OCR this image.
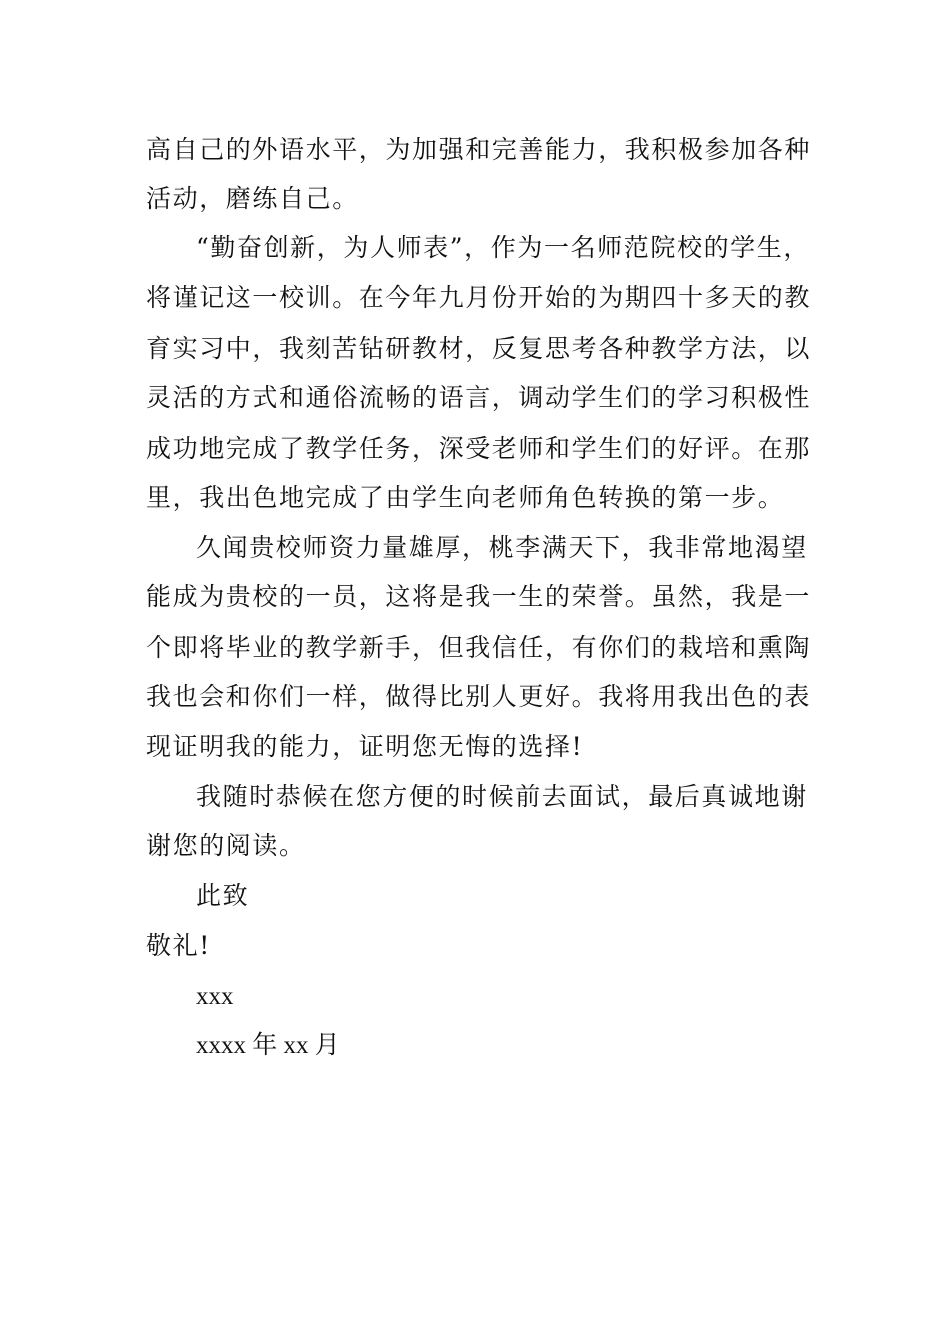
高自己的外语水平，为加强和完善能力，我积极参加各种
活动，磨练自己。
“勤奋创新，为人师表”，作为一名师范院校的学生，
将谨记这一校训。在今年九月份开始的为期四十多天的教
育实习中，我刻苦钻研教材，反复思考各种教学方法，以
灵活的方式和通俗流畅的语言，调动学生们的学习积极性
成功地完成了教学任务，深受老师和学生们的好评。在那
里，我出色地完成了由学生向老师角色转换的第一步。
久闻贵校师资力量雄厚，桃李满天下，我非常地渴望
能成为贵校的一员，这将是我一生的荣誉。虽然，我是一
个即将毕业的教学新手，但我信任，有你们的栽培和熏陶
我也会和你们一样，做得比别人更好。我将用我出色的表
现证明我的能力，证明您无悔的选择!
我随时恭候在您方便的时候前去面试，最后真诚地谢
谢您的阅读。
此致
敬礼!
xxx
xxxx 年 xx 月
